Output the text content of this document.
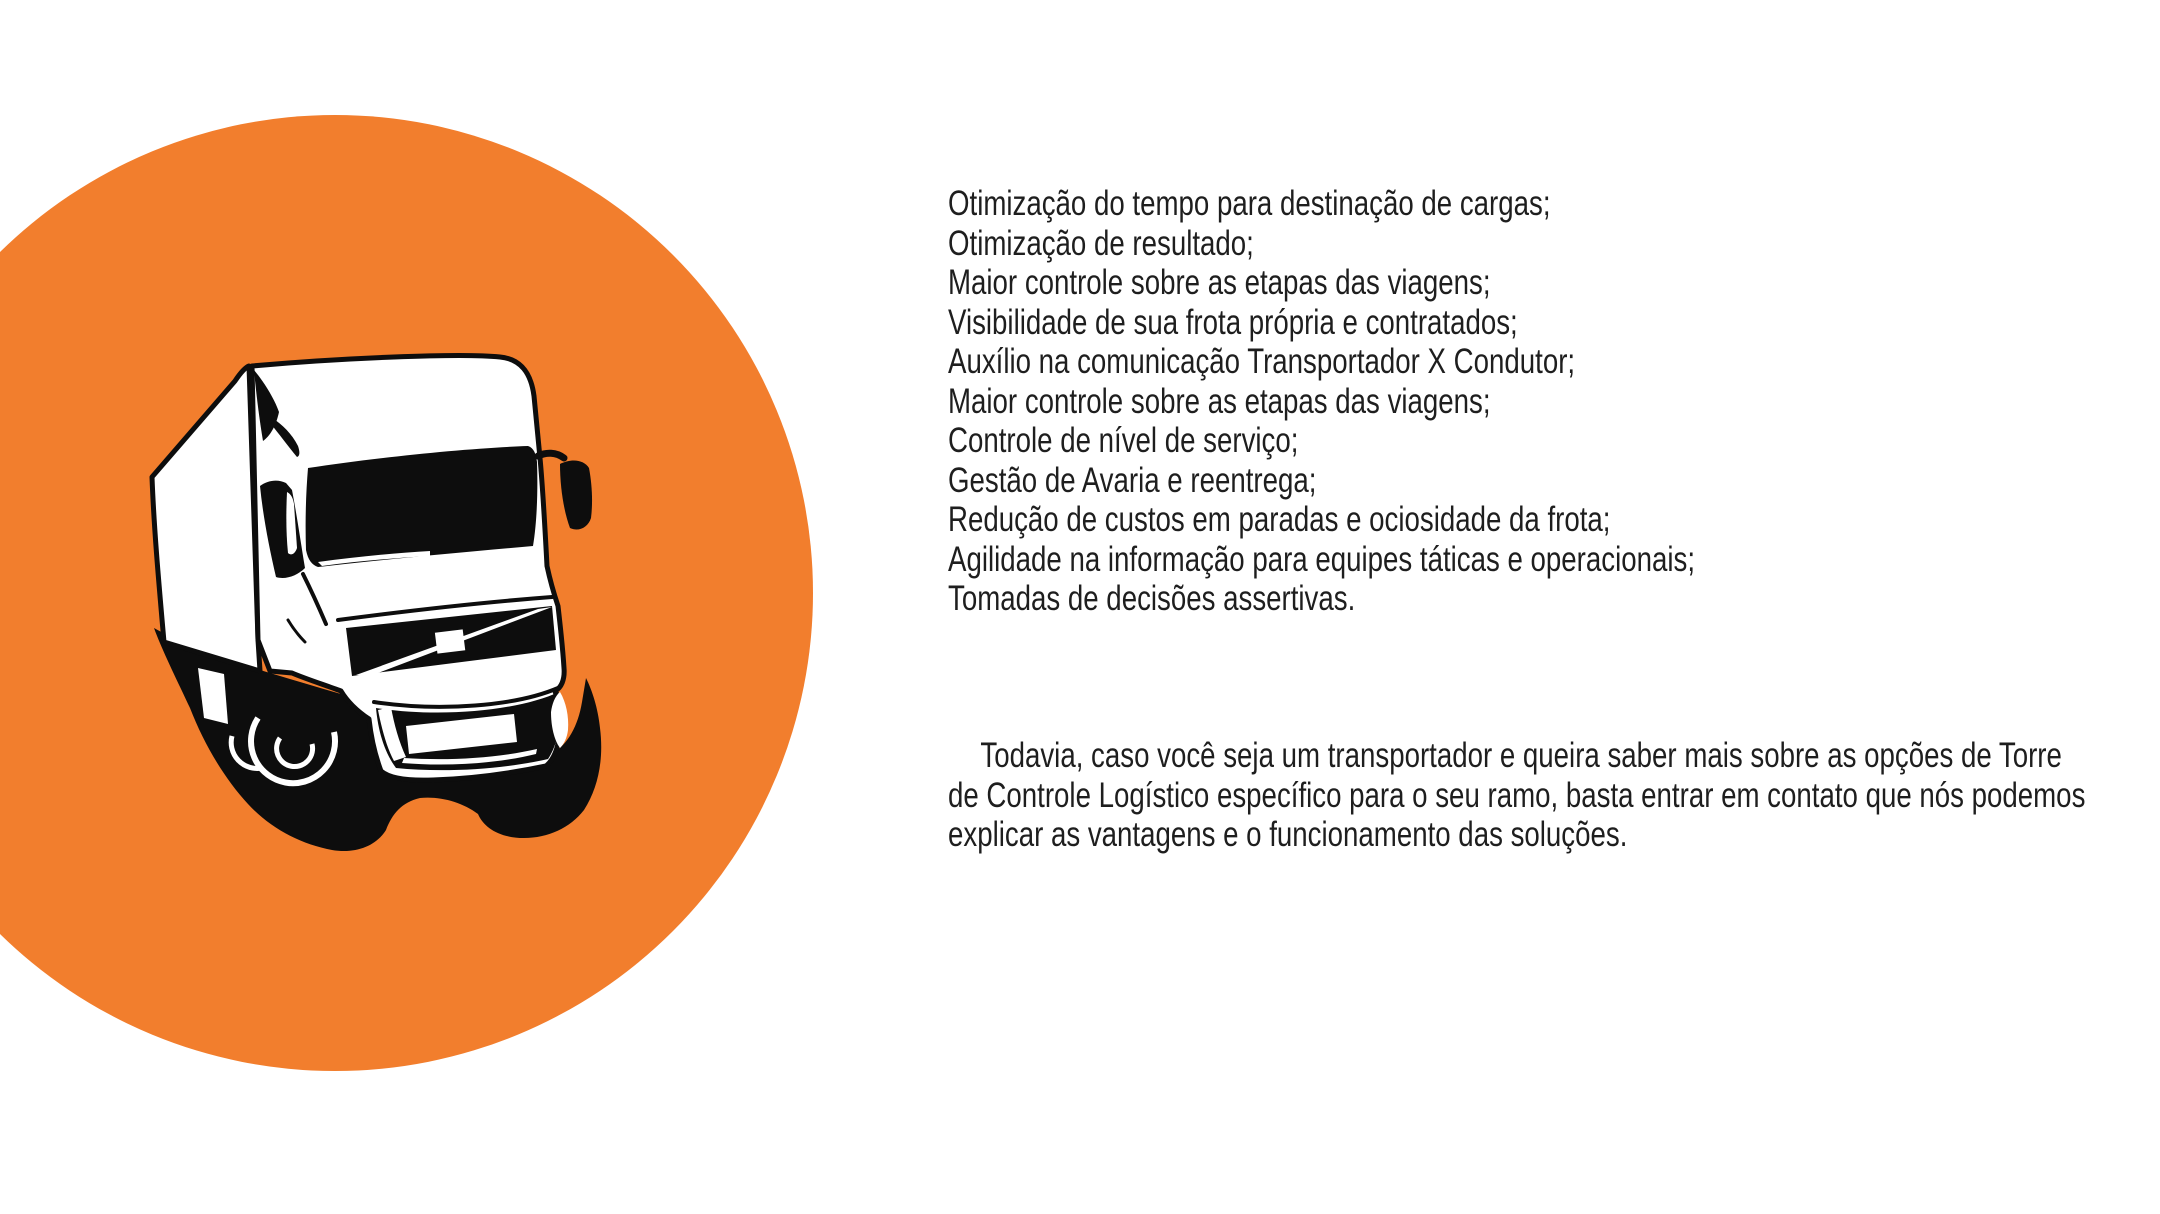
Otimização do tempo para destinação de cargas;
Otimização de resultado;
Maior controle sobre as etapas das viagens;
Visibilidade de sua frota própria e contratados;
Auxílio na comunicação Transportador X Condutor;
Maior controle sobre as etapas das viagens;
Controle de nível de serviço;
Gestão de Avaria e reentrega;
Redução de custos em paradas e ociosidade da frota;
Agilidade na informação para equipes táticas e operacionais;
Tomadas de decisões assertivas.
Todavia, caso você seja um transportador e queira saber mais sobre as opções de Torre de Controle Logístico específico para o seu ramo, basta entrar em contato que nós podemos explicar as vantagens e o funcionamento das soluções.
